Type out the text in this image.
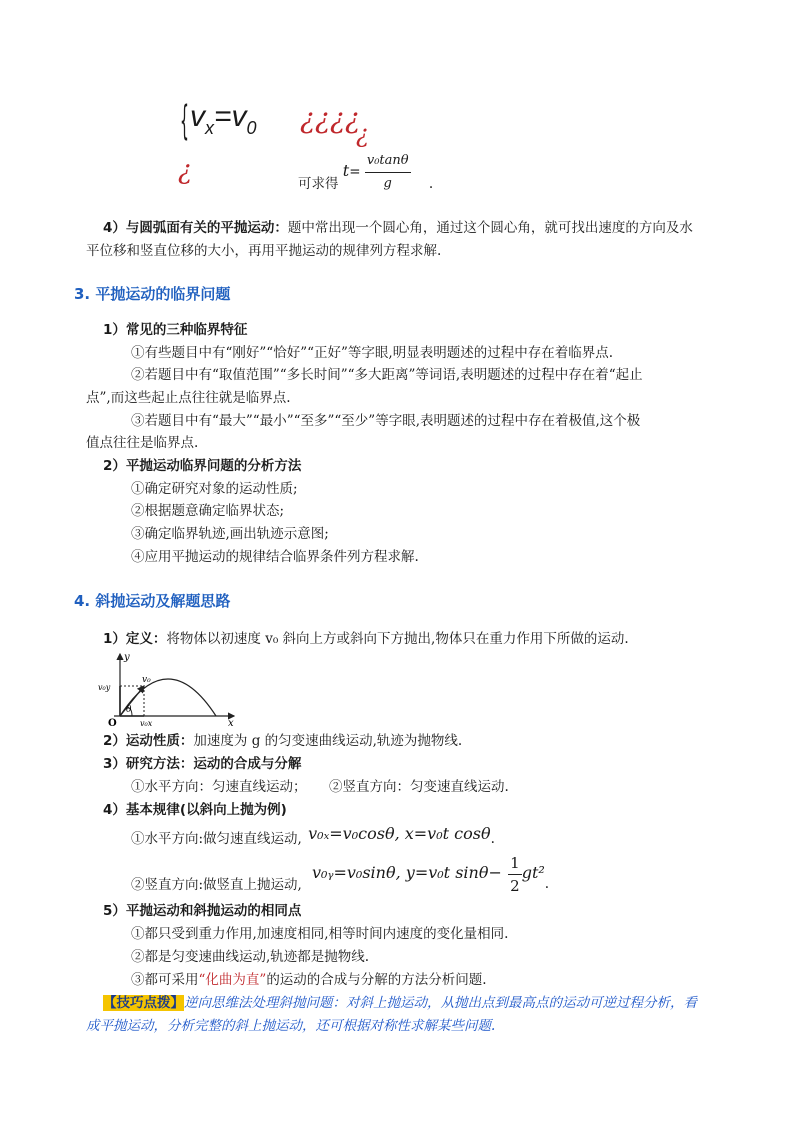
{ $v_x=v_0$ ¿¿¿¿
¿
¿	可求得 $t= \frac{\text{v₀tanθ}}{g}$ .
4）与圆弧面有关的平抛运动：题中常出现一个圆心角，通过这个圆心角，就可找出速度的方向及水
平位移和竖直位移的大小，再用平抛运动的规律列方程求解.
3. 平抛运动的临界问题
1）常见的三种临界特征
①有些题目中有“刚好”“恰好”“正好”等字眼,明显表明题述的过程中存在着临界点.
②若题目中有“取值范围”“多长时间”“多大距离”等词语,表明题述的过程中存在着“起止
点”,而这些起止点往往就是临界点.
③若题目中有“最大”“最小”“至多”“至少”等字眼,表明题述的过程中存在着极值,这个极
值点往往是临界点.
2）平抛运动临界问题的分析方法
①确定研究对象的运动性质;
②根据题意确定临界状态;
③确定临界轨迹,画出轨迹示意图;
④应用平抛运动的规律结合临界条件列方程求解.
4. 斜抛运动及解题思路
1）定义：将物体以初速度 v₀ 斜向上方或斜向下方抛出,物体只在重力作用下所做的运动.
y
x
O
v₀
v₀y
v₀x
θ
2）运动性质：加速度为 g 的匀变速曲线运动,轨迹为抛物线.
3）研究方法：运动的合成与分解
①水平方向：匀速直线运动； ②竖直方向：匀变速直线运动.
4）基本规律(以斜向上抛为例)
①水平方向:做匀速直线运动, v₀ₓ=v₀cosθ, x=v₀t cosθ.
v₀ᵧ=v₀sinθ, y=v₀t $\sin\theta- \frac{1}{2} gt^2$.
②竖直方向:做竖直上抛运动,
5）平抛运动和斜抛运动的相同点
①都只受到重力作用,加速度相同,相等时间内速度的变化量相同.
②都是匀变速曲线运动,轨迹都是抛物线.
③都可采用“化曲为直”的运动的合成与分解的方法分析问题.
【技巧点拨】逆向思维法处理斜抛问题：对斜上抛运动，从抛出点到最高点的运动可逆过程分析，看
成平抛运动，分析完整的斜上抛运动，还可根据对称性求解某些问题.
